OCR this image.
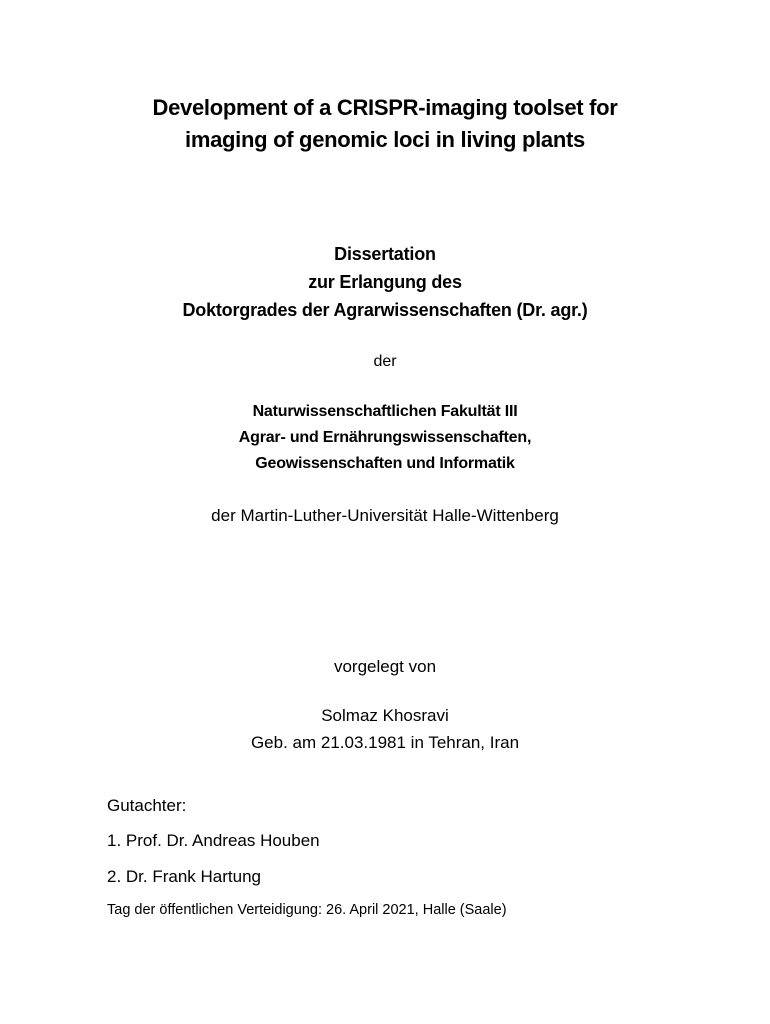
Development of a CRISPR-imaging toolset for
imaging of genomic loci in living plants
Dissertation
zur Erlangung des
Doktorgrades der Agrarwissenschaften (Dr. agr.)
der
Naturwissenschaftlichen Fakultät III
Agrar- und Ernährungswissenschaften,
Geowissenschaften und Informatik
der Martin-Luther-Universität Halle-Wittenberg
vorgelegt von
Solmaz Khosravi
Geb. am 21.03.1981 in Tehran, Iran
Gutachter:
1. Prof. Dr. Andreas Houben
2. Dr. Frank Hartung
Tag der öffentlichen Verteidigung: 26. April 2021, Halle (Saale)
